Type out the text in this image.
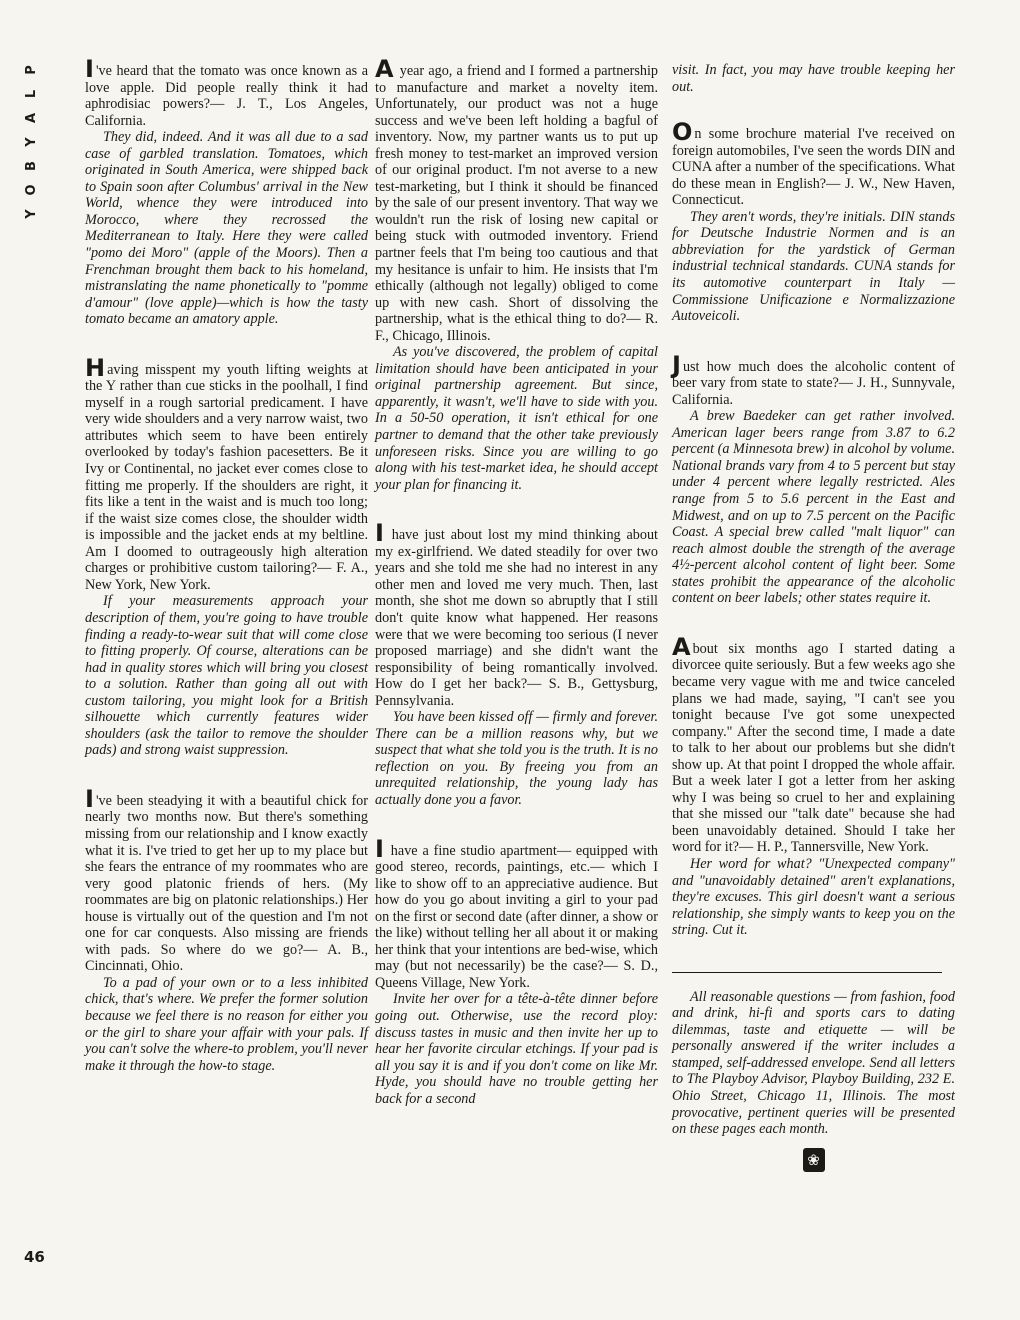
P
L
A
Y
B
O
Y
46

I 've heard that the tomato was once known as a love apple. Did people really think it had aphrodisiac powers?— J. T., Los Angeles, California.

They did, indeed. And it was all due to a sad case of garbled translation. Tomatoes, which originated in South America, were shipped back to Spain soon after Columbus' arrival in the New World, whence they were introduced into Morocco, where they recrossed the Mediterranean to Italy. Here they were called "pomo dei Moro" (apple of the Moors). Then a Frenchman brought them back to his homeland, mistranslating the name phonetically to "pomme d'amour" (love apple)—which is how the tasty tomato became an amatory apple.

Having misspent my youth lifting weights at the Y rather than cue sticks in the poolhall, I find myself in a rough sartorial predicament. I have very wide shoulders and a very narrow waist, two attributes which seem to have been entirely overlooked by today's fashion pacesetters. Be it Ivy or Continental, no jacket ever comes close to fitting me properly. If the shoulders are right, it fits like a tent in the waist and is much too long; if the waist size comes close, the shoulder width is impossible and the jacket ends at my beltline. Am I doomed to outrageously high alteration charges or prohibitive custom tailoring?— F. A., New York, New York.

If your measurements approach your description of them, you're going to have trouble finding a ready-to-wear suit that will come close to fitting properly. Of course, alterations can be had in quality stores which will bring you closest to a solution. Rather than going all out with custom tailoring, you might look for a British silhouette which currently features wider shoulders (ask the tailor to remove the shoulder pads) and strong waist suppression.

I 've been steadying it with a beautiful chick for nearly two months now. But there's something missing from our relationship and I know exactly what it is. I've tried to get her up to my place but she fears the entrance of my roommates who are very good platonic friends of hers. (My roommates are big on platonic relationships.) Her house is virtually out of the question and I'm not one for car conquests. Also missing are friends with pads. So where do we go?— A. B., Cincinnati, Ohio.

To a pad of your own or to a less inhibited chick, that's where. We prefer the former solution because we feel there is no reason for either you or the girl to share your affair with your pals. If you can't solve the where-to problem, you'll never make it through the how-to stage.

A year ago, a friend and I formed a partnership to manufacture and market a novelty item. Unfortunately, our product was not a huge success and we've been left holding a bagful of inventory. Now, my partner wants us to put up fresh money to test-market an improved version of our original product. I'm not averse to a new test-marketing, but I think it should be financed by the sale of our present inventory. That way we wouldn't run the risk of losing new capital or being stuck with outmoded inventory. Friend partner feels that I'm being too cautious and that my hesitance is unfair to him. He insists that I'm ethically (although not legally) obliged to come up with new cash. Short of dissolving the partnership, what is the ethical thing to do?— R. F., Chicago, Illinois.

As you've discovered, the problem of capital limitation should have been anticipated in your original partnership agreement. But since, apparently, it wasn't, we'll have to side with you. In a 50-50 operation, it isn't ethical for one partner to demand that the other take previously unforeseen risks. Since you are willing to go along with his test-market idea, he should accept your plan for financing it.

I have just about lost my mind thinking about my ex-girlfriend. We dated steadily for over two years and she told me she had no interest in any other men and loved me very much. Then, last month, she shot me down so abruptly that I still don't quite know what happened. Her reasons were that we were becoming too serious (I never proposed marriage) and she didn't want the responsibility of being romantically involved. How do I get her back?— S. B., Gettysburg, Pennsylvania.

You have been kissed off — firmly and forever. There can be a million reasons why, but we suspect that what she told you is the truth. It is no reflection on you. By freeing you from an unrequited relationship, the young lady has actually done you a favor.

I have a fine studio apartment— equipped with good stereo, records, paintings, etc.— which I like to show off to an appreciative audience. But how do you go about inviting a girl to your pad on the first or second date (after dinner, a show or the like) without telling her all about it or making her think that your intentions are bed-wise, which may (but not necessarily) be the case?— S. D., Queens Village, New York.

Invite her over for a tête-à-tête dinner before going out. Otherwise, use the record ploy: discuss tastes in music and then invite her up to hear her favorite circular etchings. If your pad is all you say it is and if you don't come on like Mr. Hyde, you should have no trouble getting her back for a second

visit. In fact, you may have trouble keeping her out.

On some brochure material I've received on foreign automobiles, I've seen the words DIN and CUNA after a number of the specifications. What do these mean in English?— J. W., New Haven, Connecticut.

They aren't words, they're initials. DIN stands for Deutsche Industrie Normen and is an abbreviation for the yardstick of German industrial technical standards. CUNA stands for its automotive counterpart in Italy — Commissione Unificazione e Normalizzazione Autoveicoli.

Just how much does the alcoholic content of beer vary from state to state?— J. H., Sunnyvale, California.

A brew Baedeker can get rather involved. American lager beers range from 3.87 to 6.2 percent (a Minnesota brew) in alcohol by volume. National brands vary from 4 to 5 percent but stay under 4 percent where legally restricted. Ales range from 5 to 5.6 percent in the East and Midwest, and on up to 7.5 percent on the Pacific Coast. A special brew called "malt liquor" can reach almost double the strength of the average 4½-percent alcohol content of light beer. Some states prohibit the appearance of the alcoholic content on beer labels; other states require it.

About six months ago I started dating a divorcee quite seriously. But a few weeks ago she became very vague with me and twice canceled plans we had made, saying, "I can't see you tonight because I've got some unexpected company." After the second time, I made a date to talk to her about our problems but she didn't show up. At that point I dropped the whole affair. But a week later I got a letter from her asking why I was being so cruel to her and explaining that she missed our "talk date" because she had been unavoidably detained. Should I take her word for it?— H. P., Tannersville, New York.

Her word for what? "Unexpected company" and "unavoidably detained" aren't explanations, they're excuses. This girl doesn't want a serious relationship, she simply wants to keep you on the string. Cut it.

All reasonable questions — from fashion, food and drink, hi-fi and sports cars to dating dilemmas, taste and etiquette — will be personally answered if the writer includes a stamped, self-addressed envelope. Send all letters to The Playboy Advisor, Playboy Building, 232 E. Ohio Street, Chicago 11, Illinois. The most provocative, pertinent queries will be presented on these pages each month.

❀
